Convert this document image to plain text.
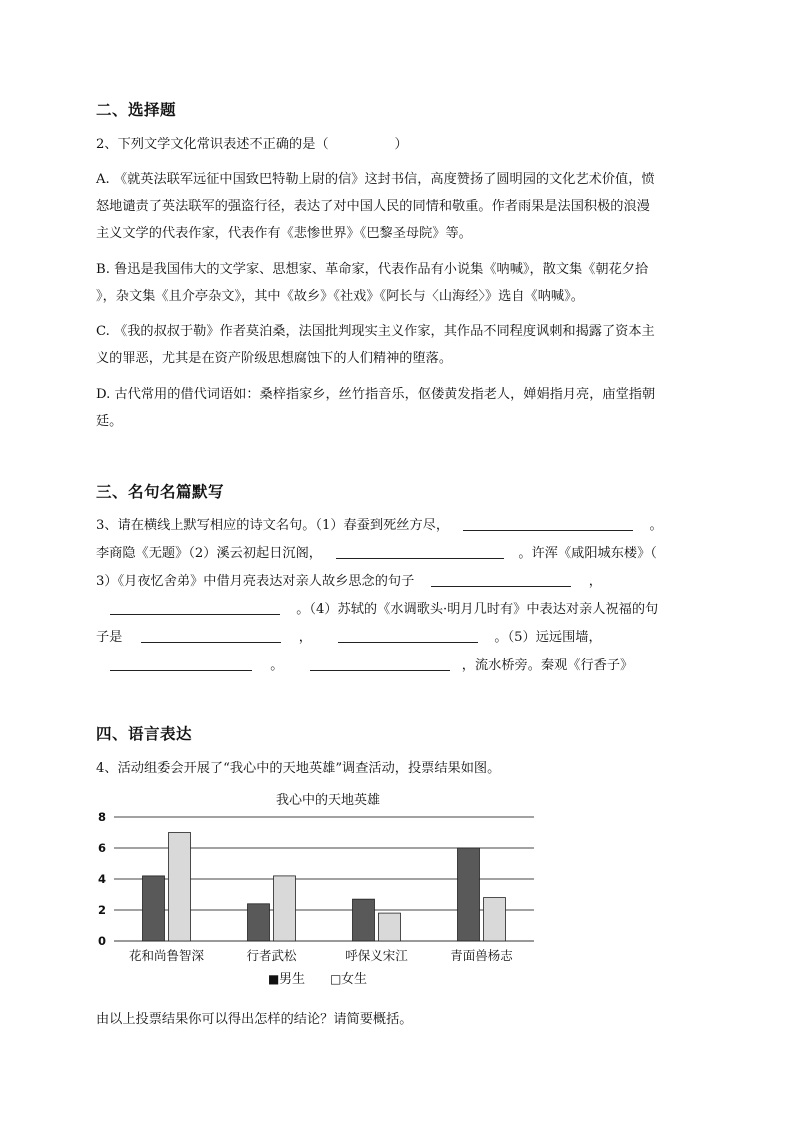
二、选择题
2、下列文学文化常识表述不正确的是（　　　　　）
A. 《就英法联军远征中国致巴特勒上尉的信》这封书信，高度赞扬了圆明园的文化艺术价值，愤
怒地谴责了英法联军的强盗行径，表达了对中国人民的同情和敬重。作者雨果是法国积极的浪漫
主义文学的代表作家，代表作有《悲惨世界》《巴黎圣母院》等。
B. 鲁迅是我国伟大的文学家、思想家、革命家，代表作品有小说集《呐喊》，散文集《朝花夕拾
》，杂文集《且介亭杂文》，其中《故乡》《社戏》《阿长与〈山海经〉》选自《呐喊》。
C. 《我的叔叔于勒》作者莫泊桑，法国批判现实主义作家，其作品不同程度讽刺和揭露了资本主
义的罪恶，尤其是在资产阶级思想腐蚀下的人们精神的堕落。
D. 古代常用的借代词语如：桑梓指家乡，丝竹指音乐，伛偻黄发指老人，婵娟指月亮，庙堂指朝
廷。
三、名句名篇默写
3、请在横线上默写相应的诗文名句。（1）春蚕到死丝方尽，	。
李商隐《无题》（2）溪云初起日沉阁，	。许浑《咸阳城东楼》（
3）《月夜忆舍弟》中借月亮表达对亲人故乡思念的句子	，
。（4）苏轼的《水调歌头·明月几时有》中表达对亲人祝福的句
子是	，	。（5）远远围墙，
。	，流水桥旁。秦观《行香子》
四、语言表达
4、活动组委会开展了“我心中的天地英雄”调查活动，投票结果如图。
我心中的天地英雄
0
2
4
6
8
花和尚鲁智深	行者武松	呼保义宋江	青面兽杨志
■ 男生 □ 女生
由以上投票结果你可以得出怎样的结论？请简要概括。
